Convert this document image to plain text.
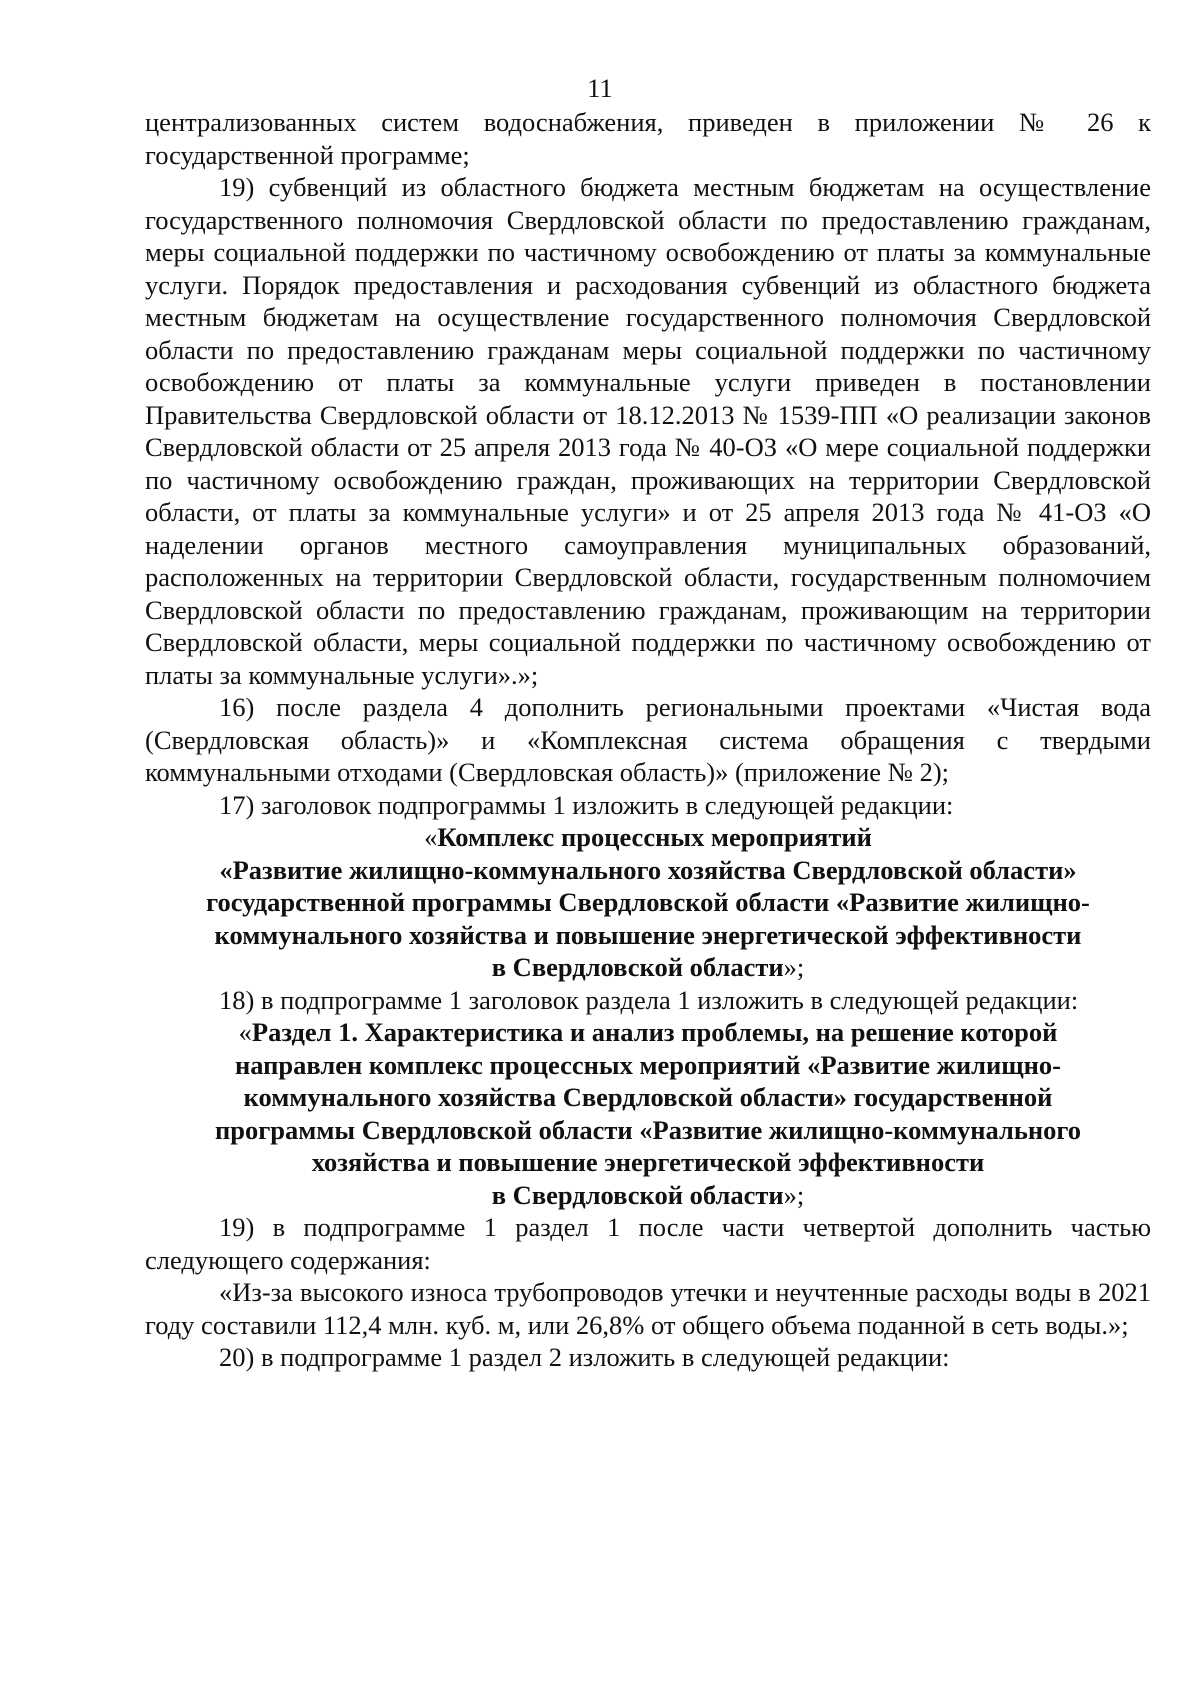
11

централизованных систем водоснабжения, приведен в приложении № 26 к государственной программе;

19) субвенций из областного бюджета местным бюджетам на осуществление государственного полномочия Свердловской области по предоставлению гражданам, меры социальной поддержки по частичному освобождению от платы за коммунальные услуги. Порядок предоставления и расходования субвенций из областного бюджета местным бюджетам на осуществление государственного полномочия Свердловской области по предоставлению гражданам меры социальной поддержки по частичному освобождению от платы за коммунальные услуги приведен в постановлении Правительства Свердловской области от 18.12.2013 № 1539-ПП «О реализации законов Свердловской области от 25 апреля 2013 года № 40-ОЗ «О мере социальной поддержки по частичному освобождению граждан, проживающих на территории Свердловской области, от платы за коммунальные услуги» и от 25 апреля 2013 года № 41-ОЗ «О наделении органов местного самоуправления муниципальных образований, расположенных на территории Свердловской области, государственным полномочием Свердловской области по предоставлению гражданам, проживающим на территории Свердловской области, меры социальной поддержки по частичному освобождению от платы за коммунальные услуги».»;

16) после раздела 4 дополнить региональными проектами «Чистая вода (Свердловская область)» и «Комплексная система обращения с твердыми коммунальными отходами (Свердловская область)» (приложение № 2);

17) заголовок подпрограммы 1 изложить в следующей редакции:

«Комплекс процессных мероприятий
«Развитие жилищно-коммунального хозяйства Свердловской области»
государственной программы Свердловской области «Развитие жилищно-
коммунального хозяйства и повышение энергетической эффективности
в Свердловской области»;

18) в подпрограмме 1 заголовок раздела 1 изложить в следующей редакции:

«Раздел 1. Характеристика и анализ проблемы, на решение которой
направлен комплекс процессных мероприятий «Развитие жилищно-
коммунального хозяйства Свердловской области» государственной
программы Свердловской области «Развитие жилищно-коммунального
хозяйства и повышение энергетической эффективности
в Свердловской области»;

19) в подпрограмме 1 раздел 1 после части четвертой дополнить частью следующего содержания:

«Из-за высокого износа трубопроводов утечки и неучтенные расходы воды в 2021 году составили 112,4 млн. куб. м, или 26,8% от общего объема поданной в сеть воды.»;

20) в подпрограмме 1 раздел 2 изложить в следующей редакции:
